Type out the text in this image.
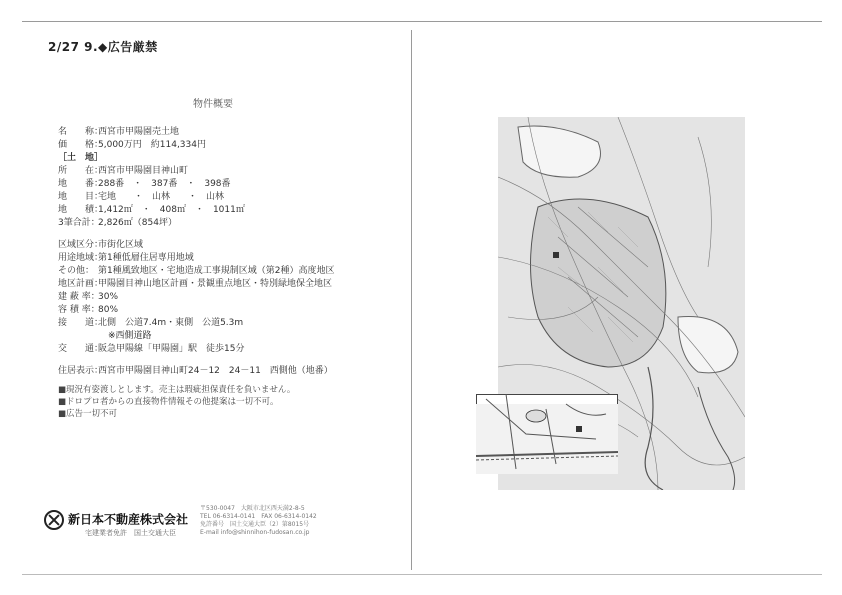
2/27 9.◆広告厳禁
物件概要
名　　称：西宮市甲陽園売土地
価　　格：5,000万円　約114,334円
［土　地］
所　　在：西宮市甲陽園目神山町
地　　番：288番　・　387番　・　398番
地　　目：宅地　　・　山林　　・　山林
地　　積：1,412㎡　・　408㎡　・　1011㎡
3筆合計：2,826㎡（854坪）
区域区分：市街化区域
用途地域：第1種低層住居専用地域
その他： 第1種風致地区・宅地造成工事規制区域（第2種）高度地区
地区計画：甲陽園目神山地区計画・景観重点地区・特別緑地保全地区
建 蔽 率：30%
容 積 率：80%
接　　道：北側　公道7.4m・東側　公道5.3m
※西側道路
交　　通：阪急甲陽線「甲陽園」駅　徒歩15分
住居表示：西宮市甲陽園目神山町24－12　24－11　西側他（地番）
■現況有姿渡しとします。売主は瑕疵担保責任を負いません。
■ドロプロ者からの直接物件情報その他提案は一切不可。
■広告一切不可
新日本不動産株式会社
宅建業者免許　国土交通大臣
〒530-0047　大阪市北区西天満2-8-5
TEL 06-6314-0141　FAX 06-6314-0142
免許番号　国土交通大臣（2）第8015号
E-mail info@shinnihon-fudosan.co.jp
